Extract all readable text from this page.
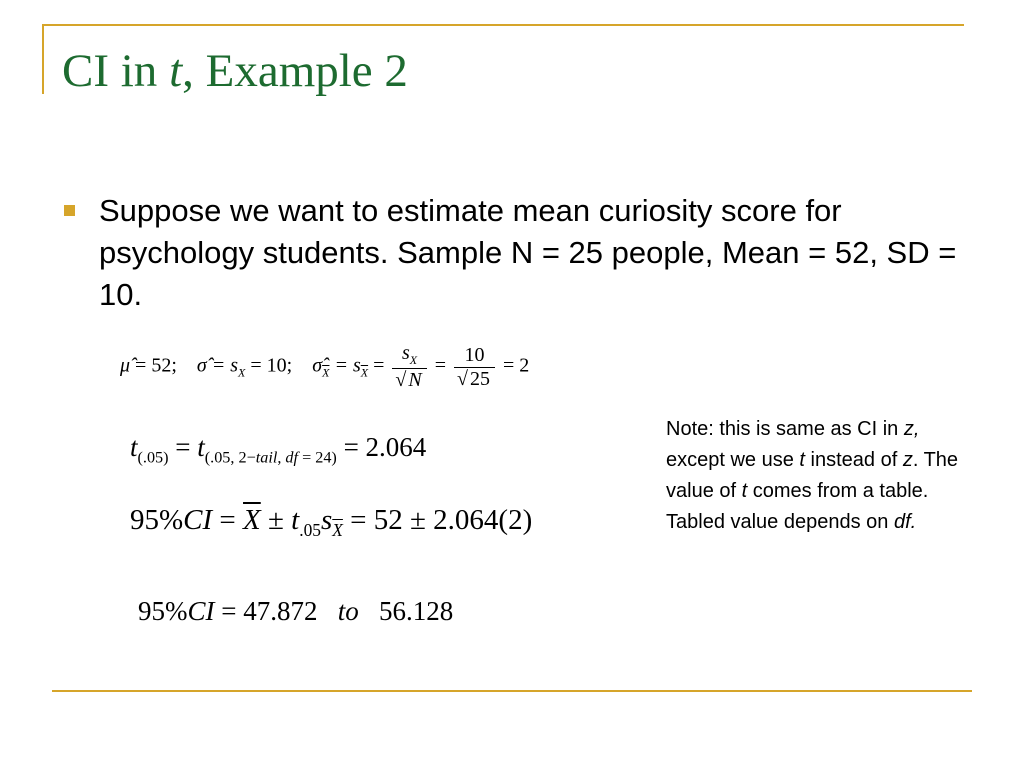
CI in t, Example 2
Suppose we want to estimate mean curiosity score for psychology students. Sample N = 25 people, Mean = 52, SD = 10.
μ̂ = 52; σ̂ = $s_X = 10$; $\sigmâ_{\overline{X}} = s_{\overline{X}} = \frac{s_X}{√ N} = \frac{10}{√ 25} = 2$
$t_{(.05)} = t_{(.05, 2-tail, df = 24)} = 2.064$
$95\%CI = \overline{X} \pm t_{.05}s_{\overline{X}} = 52 \pm 2.064(2)$
95%CI = 47.872 to 56.128
Note: this is same as CI in z, except we use t instead of z. The value of t comes from a table. Tabled value depends on df.
